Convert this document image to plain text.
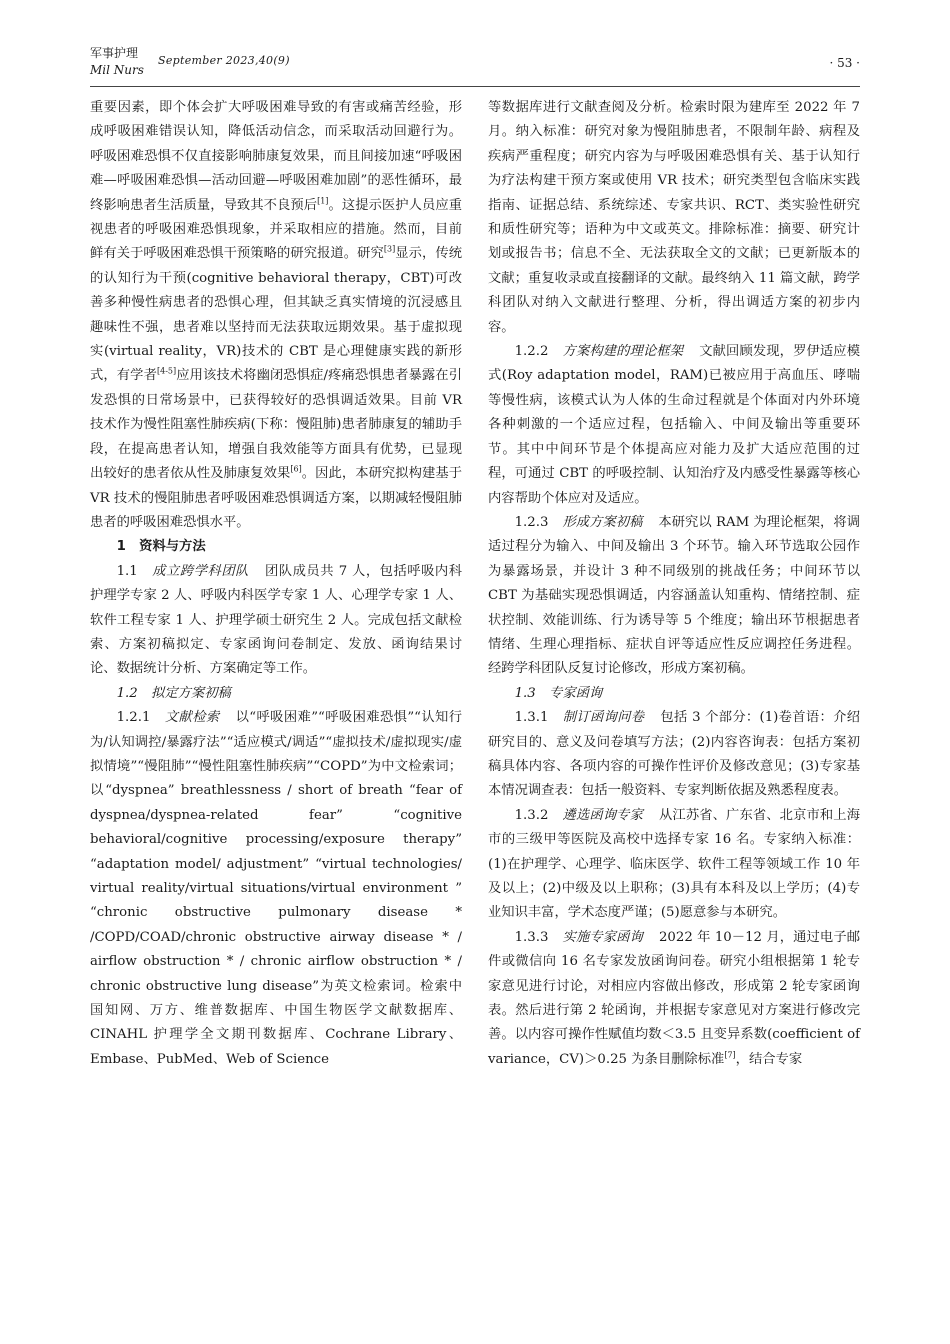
军事护理
Mil Nurs
September 2023,40(9)	· 53 ·

重要因素，即个体会扩大呼吸困难导致的有害或痛苦经验，形成呼吸困难错误认知，降低活动信念，而采取活动回避行为。呼吸困难恐惧不仅直接影响肺康复效果，而且间接加速“呼吸困难—呼吸困难恐惧—活动回避—呼吸困难加剧”的恶性循环，最终影响患者生活质量，导致其不良预后[1]。这提示医护人员应重视患者的呼吸困难恐惧现象，并采取相应的措施。然而，目前鲜有关于呼吸困难恐惧干预策略的研究报道。研究[3]显示，传统的认知行为干预(cognitive behavioral therapy，CBT)可改善多种慢性病患者的恐惧心理，但其缺乏真实情境的沉浸感且趣味性不强，患者难以坚持而无法获取远期效果。基于虚拟现实(virtual reality，VR)技术的 CBT 是心理健康实践的新形式，有学者[4-5]应用该技术将幽闭恐惧症/疼痛恐惧患者暴露在引发恐惧的日常场景中，已获得较好的恐惧调适效果。目前 VR 技术作为慢性阻塞性肺疾病(下称：慢阻肺)患者肺康复的辅助手段，在提高患者认知，增强自我效能等方面具有优势，已显现出较好的患者依从性及肺康复效果[6]。因此，本研究拟构建基于 VR 技术的慢阻肺患者呼吸困难恐惧调适方案，以期减轻慢阻肺患者的呼吸困难恐惧水平。

1　资料与方法

1.1 成立跨学科团队 团队成员共 7 人，包括呼吸内科护理学专家 2 人、呼吸内科医学专家 1 人、心理学专家 1 人、软件工程专家 1 人、护理学硕士研究生 2 人。完成包括文献检索、方案初稿拟定、专家函询问卷制定、发放、函询结果讨论、数据统计分析、方案确定等工作。

1.2　拟定方案初稿

1.2.1 文献检索 以“呼吸困难”“呼吸困难恐惧”“认知行为/认知调控/暴露疗法”“适应模式/调适”“虚拟技术/虚拟现实/虚拟情境”“慢阻肺”“慢性阻塞性肺疾病”“COPD”为中文检索词；以“dyspnea” breathlessness / short of breath “fear of dyspnea/dyspnea-related fear” “cognitive behavioral/cognitive processing/exposure therapy” “adaptation model/ adjustment” “virtual technologies/ virtual reality/virtual situations/virtual environment ” “chronic obstructive pulmonary disease * /COPD/COAD/chronic obstructive airway disease * / airflow obstruction * / chronic airflow obstruction * / chronic obstructive lung disease”为英文检索词。检索中国知网、万方、维普数据库、中国生物医学文献数据库、CINAHL 护理学全文期刊数据库、Cochrane Library、Embase、PubMed、Web of Science

等数据库进行文献查阅及分析。检索时限为建库至 2022 年 7 月。纳入标准：研究对象为慢阻肺患者，不限制年龄、病程及疾病严重程度；研究内容为与呼吸困难恐惧有关、基于认知行为疗法构建干预方案或使用 VR 技术；研究类型包含临床实践指南、证据总结、系统综述、专家共识、RCT、类实验性研究和质性研究等；语种为中文或英文。排除标准：摘要、研究计划或报告书；信息不全、无法获取全文的文献；已更新版本的文献；重复收录或直接翻译的文献。最终纳入 11 篇文献，跨学科团队对纳入文献进行整理、分析，得出调适方案的初步内容。

1.2.2 方案构建的理论框架 文献回顾发现，罗伊适应模式(Roy adaptation model，RAM)已被应用于高血压、哮喘等慢性病，该模式认为人体的生命过程就是个体面对内外环境各种刺激的一个适应过程，包括输入、中间及输出等重要环节。其中中间环节是个体提高应对能力及扩大适应范围的过程，可通过 CBT 的呼吸控制、认知治疗及内感受性暴露等核心内容帮助个体应对及适应。

1.2.3 形成方案初稿 本研究以 RAM 为理论框架，将调适过程分为输入、中间及输出 3 个环节。输入环节选取公园作为暴露场景，并设计 3 种不同级别的挑战任务；中间环节以 CBT 为基础实现恐惧调适，内容涵盖认知重构、情绪控制、症状控制、效能训练、行为诱导等 5 个维度；输出环节根据患者情绪、生理心理指标、症状自评等适应性反应调控任务进程。经跨学科团队反复讨论修改，形成方案初稿。

1.3　专家函询

1.3.1 制订函询问卷 包括 3 个部分：(1)卷首语：介绍研究目的、意义及问卷填写方法；(2)内容咨询表：包括方案初稿具体内容、各项内容的可操作性评价及修改意见；(3)专家基本情况调查表：包括一般资料、专家判断依据及熟悉程度表。

1.3.2 遴选函询专家 从江苏省、广东省、北京市和上海市的三级甲等医院及高校中选择专家 16 名。专家纳入标准：(1)在护理学、心理学、临床医学、软件工程等领域工作 10 年及以上；(2)中级及以上职称；(3)具有本科及以上学历；(4)专业知识丰富，学术态度严谨；(5)愿意参与本研究。

1.3.3 实施专家函询 2022 年 10－12 月，通过电子邮件或微信向 16 名专家发放函询问卷。研究小组根据第 1 轮专家意见进行讨论，对相应内容做出修改，形成第 2 轮专家函询表。然后进行第 2 轮函询，并根据专家意见对方案进行修改完善。以内容可操作性赋值均数＜3.5 且变异系数(coefficient of variance，CV)＞0.25 为条目删除标准[7]，结合专家
